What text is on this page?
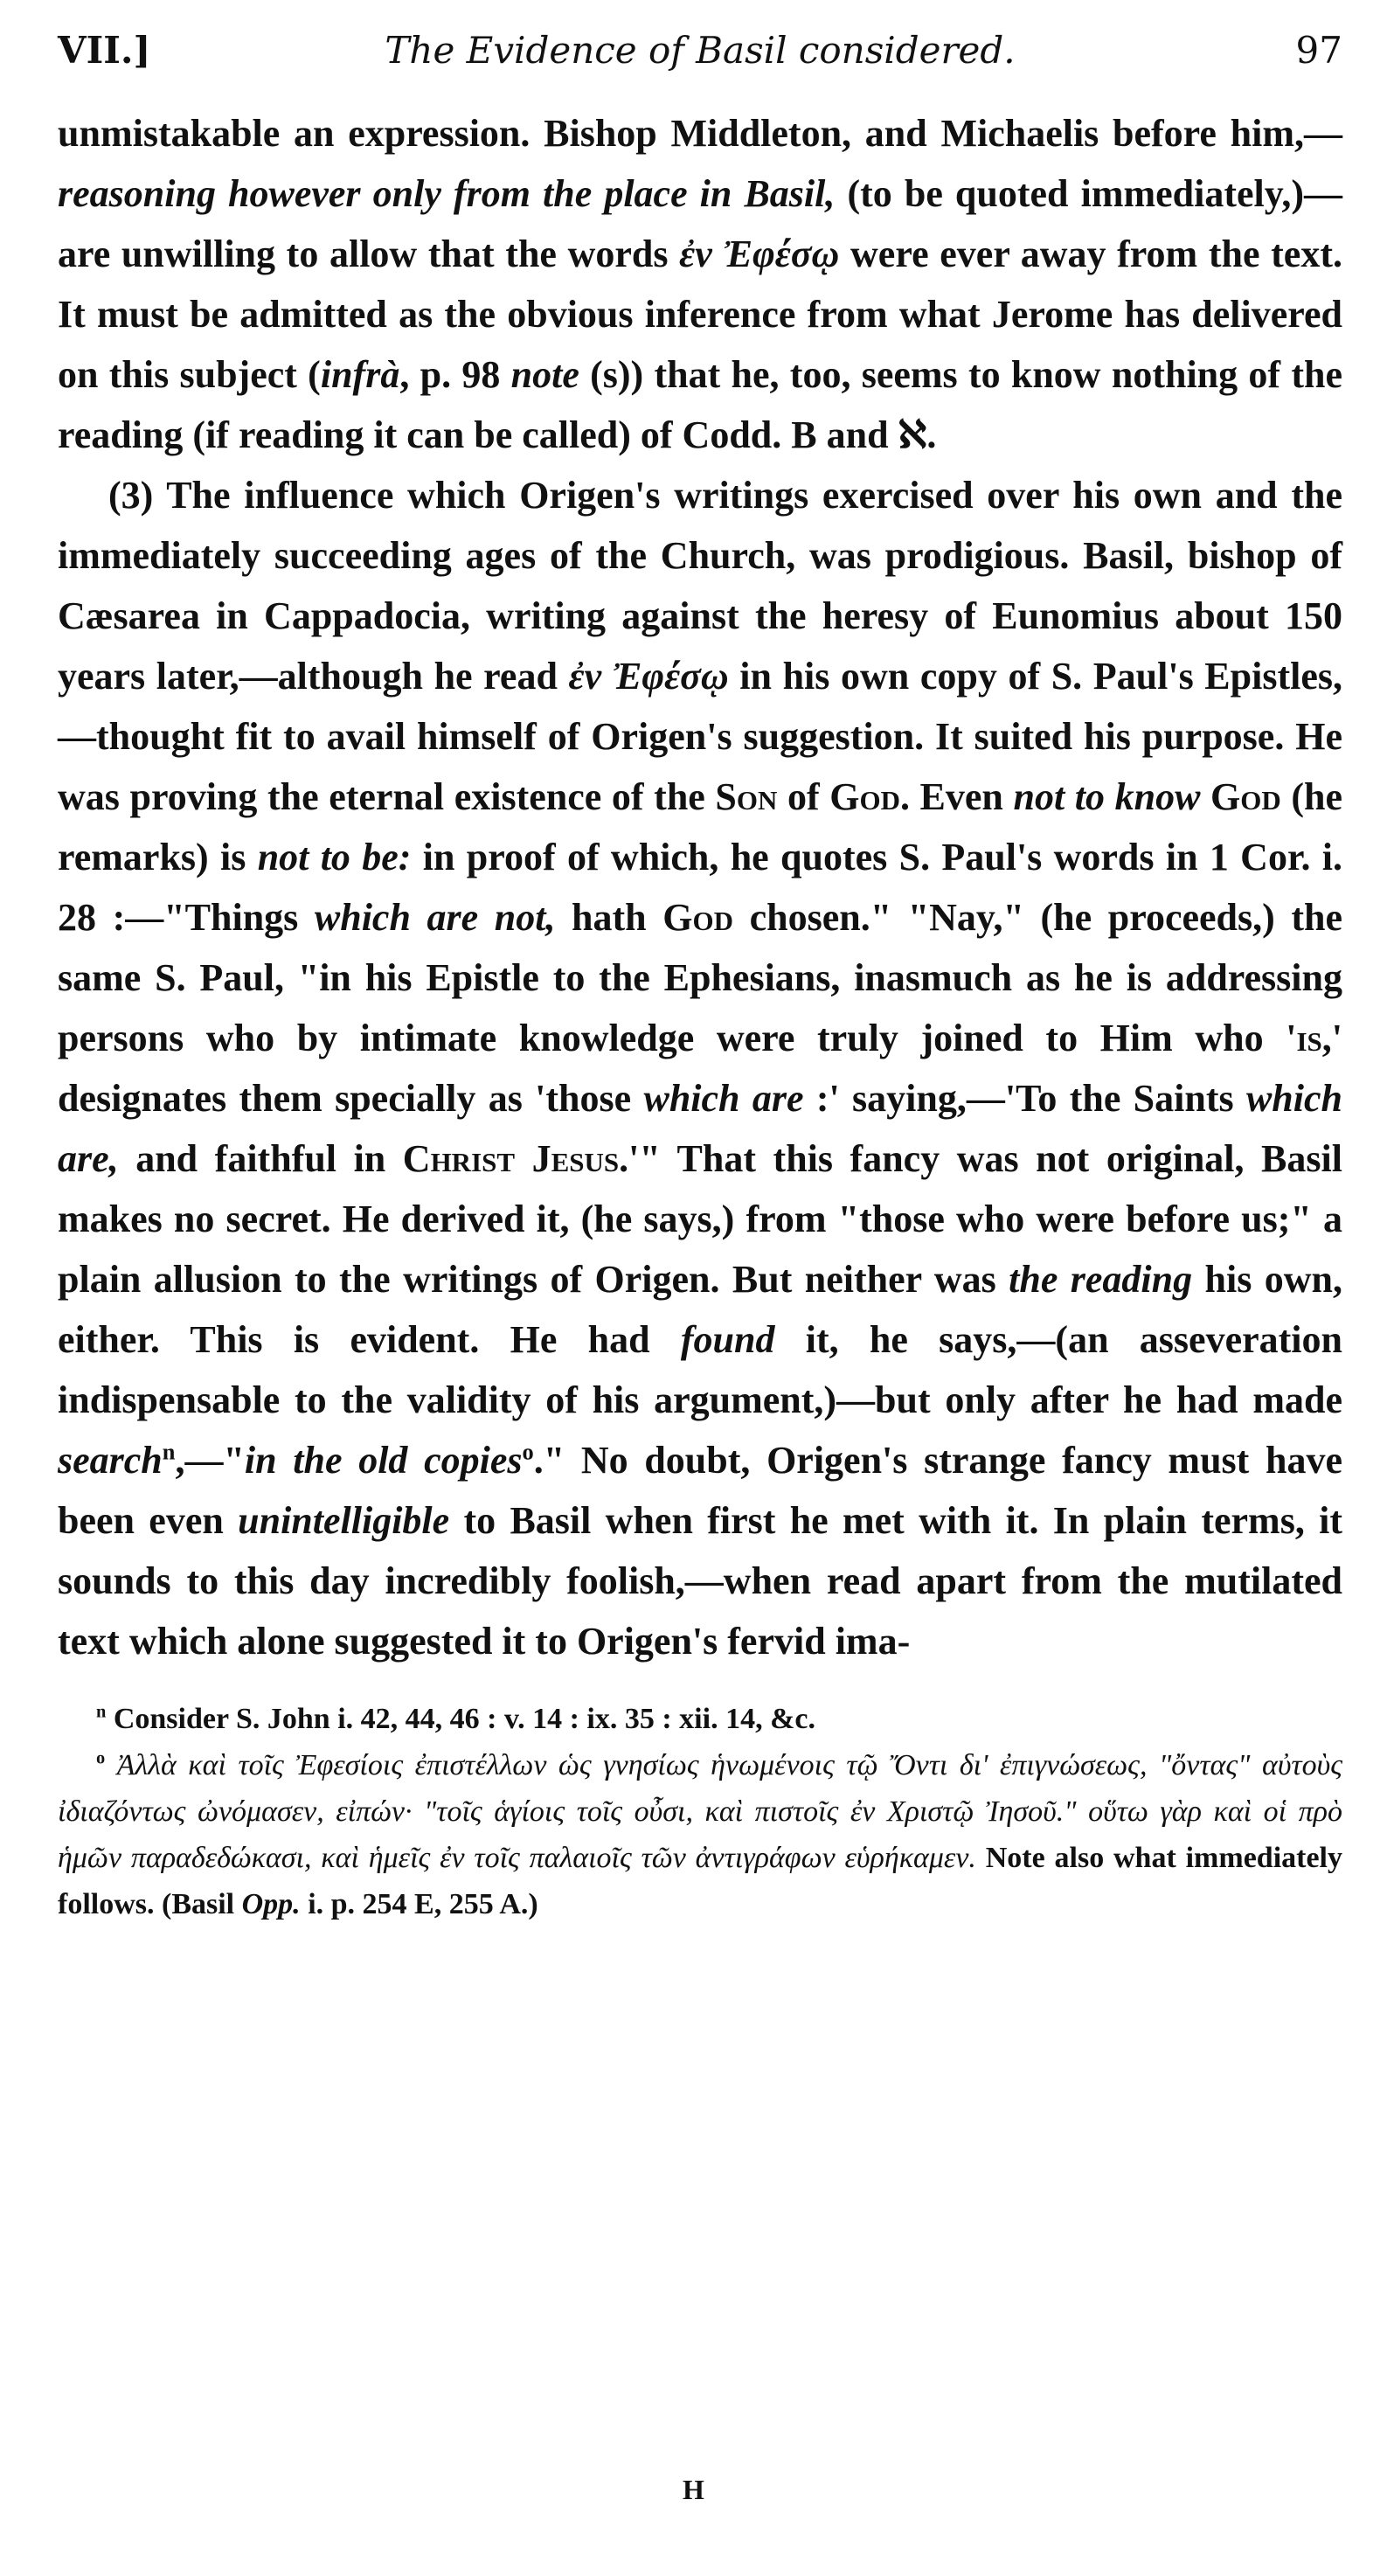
VII.]	The Evidence of Basil considered.	97

unmistakable an expression. Bishop Middleton, and Michaelis before him,—reasoning however only from the place in Basil, (to be quoted immediately,)—are unwilling to allow that the words ἐν Ἐφέσῳ were ever away from the text. It must be admitted as the obvious inference from what Jerome has delivered on this subject (infrà, p. 98 note (s)) that he, too, seems to know nothing of the reading (if reading it can be called) of Codd. B and ℵ.

(3) The influence which Origen's writings exercised over his own and the immediately succeeding ages of the Church, was prodigious. Basil, bishop of Cæsarea in Cappadocia, writing against the heresy of Eunomius about 150 years later,—although he read ἐν Ἐφέσῳ in his own copy of S. Paul's Epistles,—thought fit to avail himself of Origen's suggestion. It suited his purpose. He was proving the eternal existence of the Son of God. Even not to know God (he remarks) is not to be: in proof of which, he quotes S. Paul's words in 1 Cor. i. 28 :—"Things which are not, hath God chosen." "Nay," (he proceeds,) the same S. Paul, "in his Epistle to the Ephesians, inasmuch as he is addressing persons who by intimate knowledge were truly joined to Him who 'is,' designates them specially as 'those which are :' saying,—'To the Saints which are, and faithful in Christ Jesus.'" That this fancy was not original, Basil makes no secret. He derived it, (he says,) from "those who were before us;" a plain allusion to the writings of Origen. But neither was the reading his own, either. This is evident. He had found it, he says,—(an asseveration indispensable to the validity of his argument,)—but only after he had made search$^n$,—"in the old copies$^o$." No doubt, Origen's strange fancy must have been even unintelligible to Basil when first he met with it. In plain terms, it sounds to this day incredibly foolish,—when read apart from the mutilated text which alone suggested it to Origen's fervid ima-

$^n$ Consider S. John i. 42, 44, 46 : v. 14 : ix. 35 : xii. 14, &c.

$^o$ Ἀλλὰ καὶ τοῖς Ἐφεσίοις ἐπιστέλλων ὡς γνησίως ἡνωμένοις τῷ Ὄντι δι' ἐπιγνώσεως, "ὄντας" αὐτοὺς ἰδιαζόντως ὠνόμασεν, εἰπών· "τοῖς ἁγίοις τοῖς οὖσι, καὶ πιστοῖς ἐν Χριστῷ Ἰησοῦ." οὕτω γὰρ καὶ οἱ πρὸ ἡμῶν παραδεδώκασι, καὶ ἡμεῖς ἐν τοῖς παλαιοῖς τῶν ἀντιγράφων εὑρήκαμεν. Note also what immediately follows. (Basil Opp. i. p. 254 E, 255 A.)

H
